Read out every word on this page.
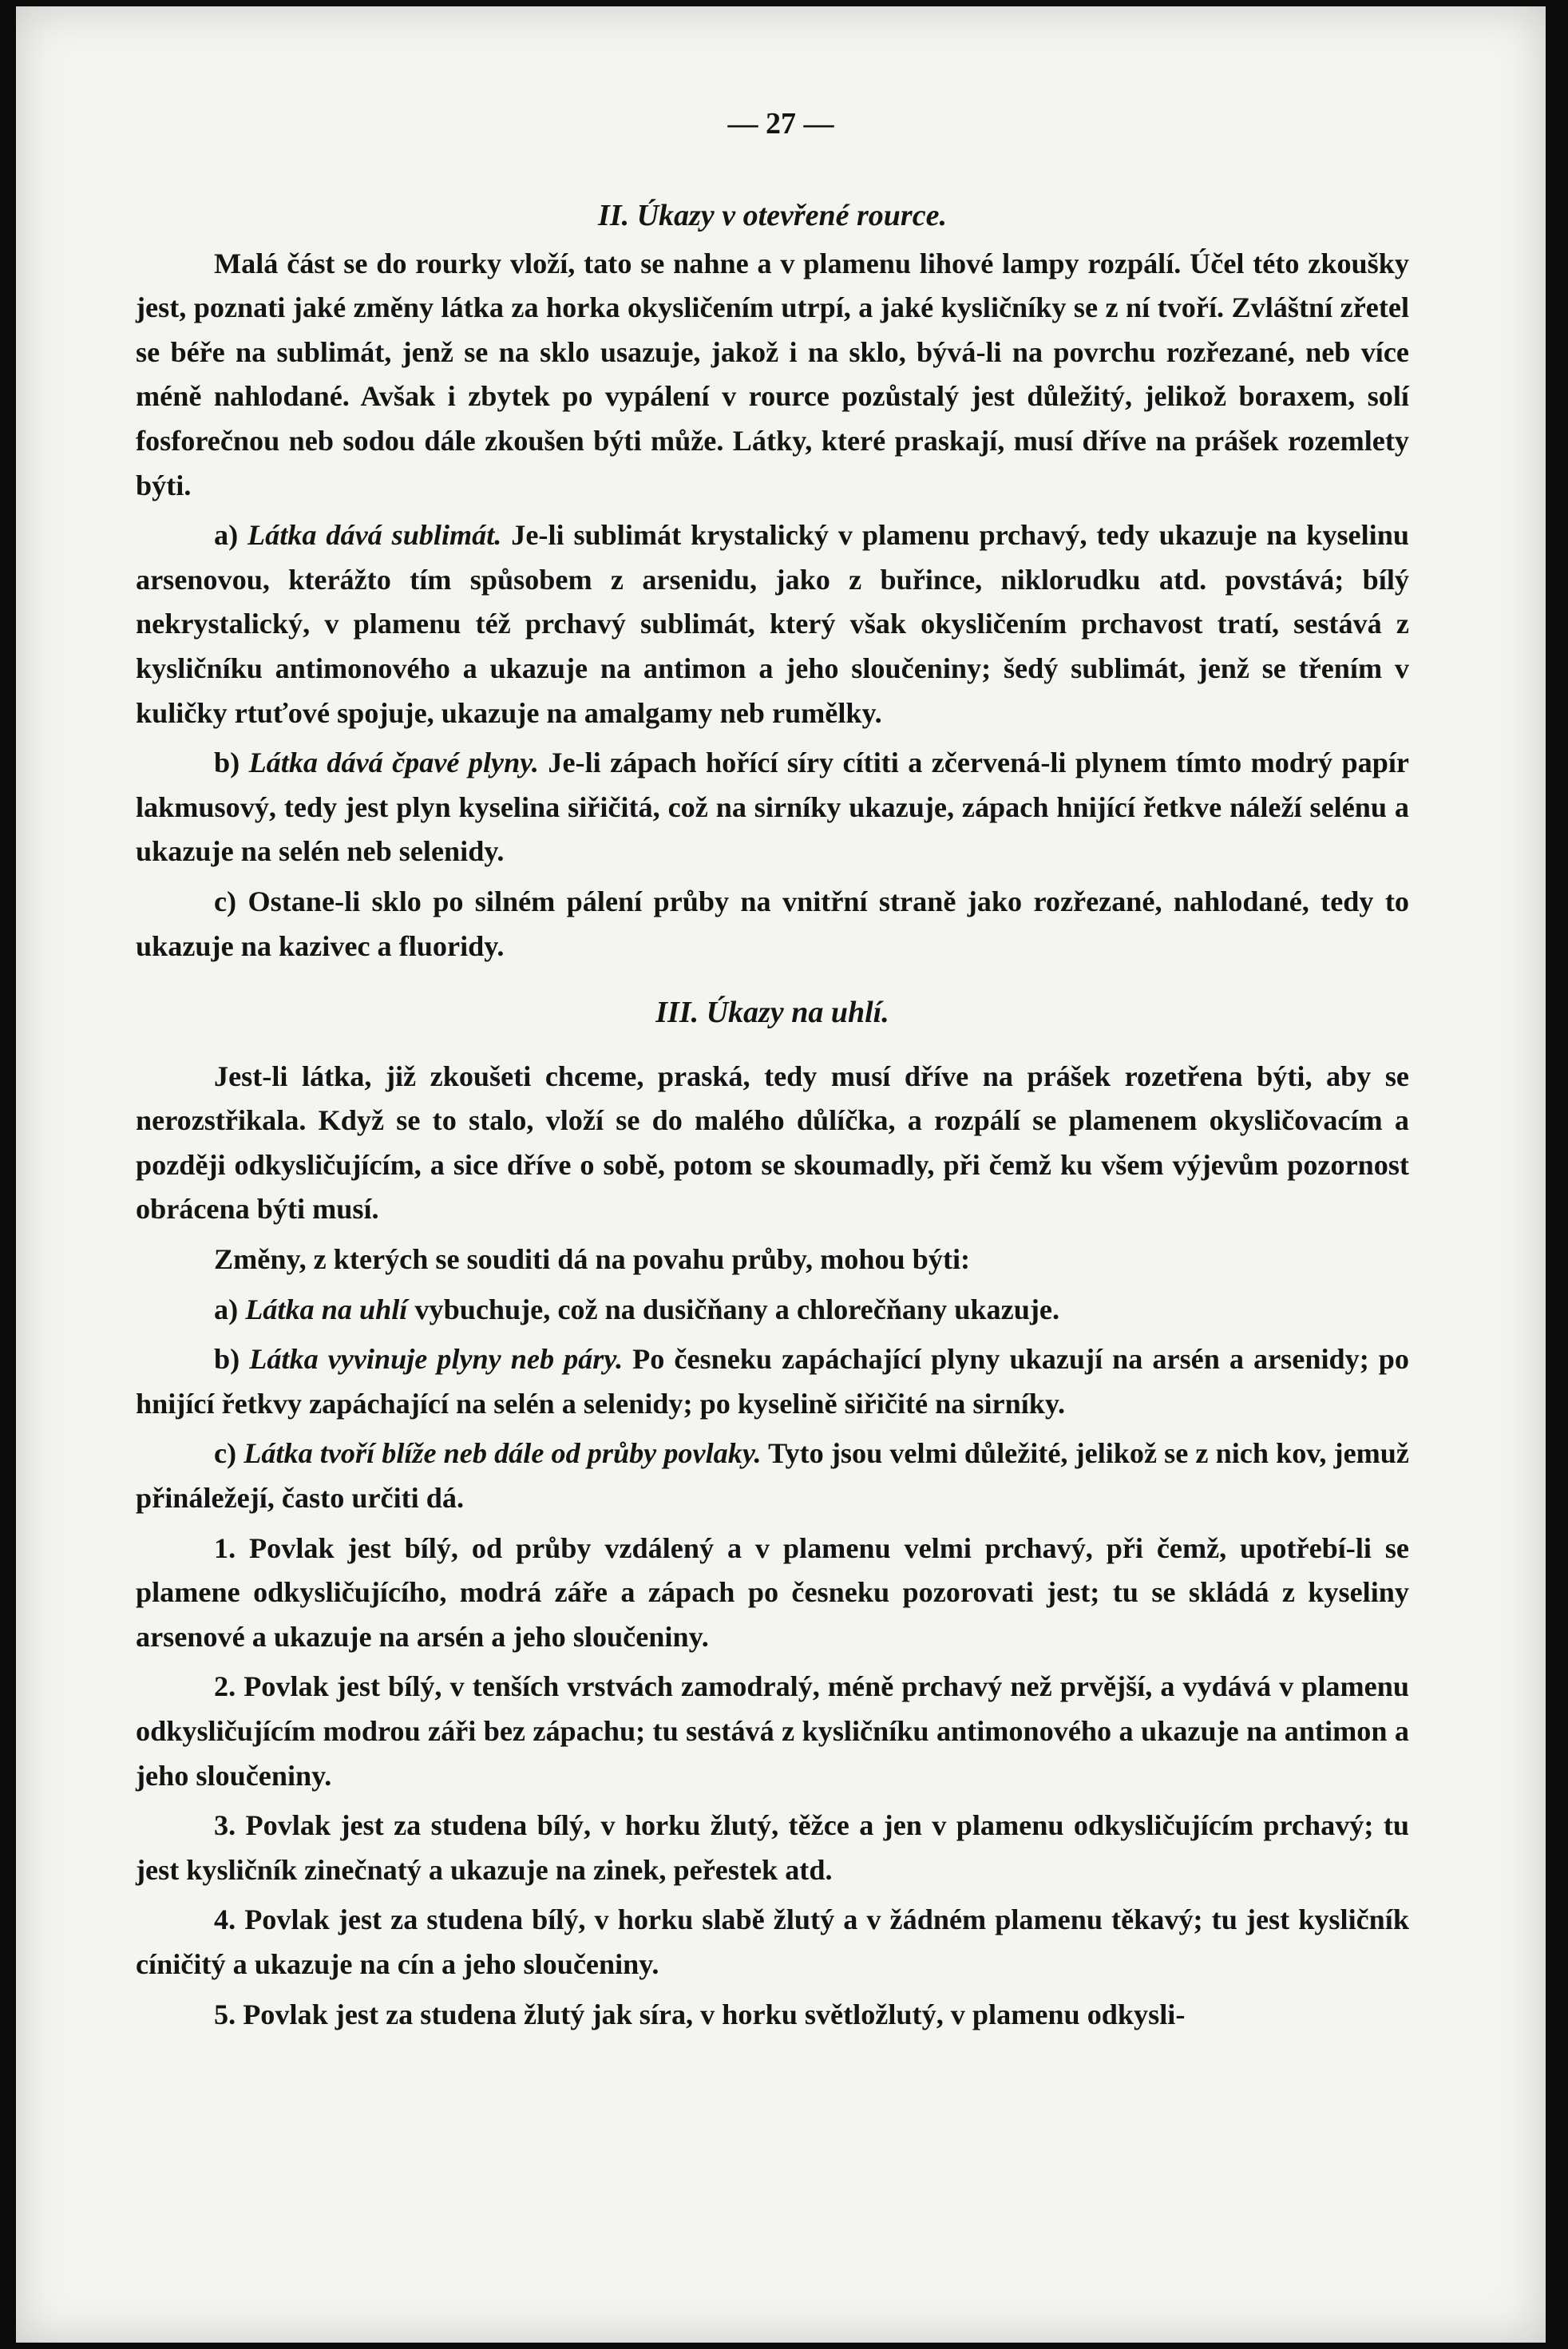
— 27 —
II. Úkazy v otevřené rource.

Malá část se do rourky vloží, tato se nahne a v plamenu lihové lampy rozpálí. Účel této zkoušky jest, poznati jaké změny látka za horka okysličením utrpí, a jaké kysličníky se z ní tvoří. Zvláštní zřetel se béře na sublimát, jenž se na sklo usazuje, jakož i na sklo, bývá-li na povrchu rozřezané, neb více méně nahlodané. Avšak i zbytek po vypálení v rource pozůstalý jest důležitý, jelikož boraxem, solí fosforečnou neb sodou dále zkoušen býti může. Látky, které praskají, musí dříve na prášek rozemlety býti.

a) Látka dává sublimát. Je-li sublimát krystalický v plamenu prchavý, tedy ukazuje na kyselinu arsenovou, kterážto tím spůsobem z arsenidu, jako z buřince, niklorudku atd. povstává; bílý nekrystalický, v plamenu též prchavý sublimát, který však okysličením prchavost tratí, sestává z kysličníku antimonového a ukazuje na antimon a jeho sloučeniny; šedý sublimát, jenž se třením v kuličky rtuťové spojuje, ukazuje na amalgamy neb rumělky.

b) Látka dává čpavé plyny. Je-li zápach hořící síry cítiti a zčervená-li plynem tímto modrý papír lakmusový, tedy jest plyn kyselina siřičitá, což na sirníky ukazuje, zápach hnijící řetkve náleží selénu a ukazuje na selén neb selenidy.

c) Ostane-li sklo po silném pálení průby na vnitřní straně jako rozřezané, nahlodané, tedy to ukazuje na kazivec a fluoridy.

III. Úkazy na uhlí.

Jest-li látka, již zkoušeti chceme, praská, tedy musí dříve na prášek rozetřena býti, aby se nerozstřikala. Když se to stalo, vloží se do malého důlíčka, a rozpálí se plamenem okysličovacím a později odkysličujícím, a sice dříve o sobě, potom se skoumadly, při čemž ku všem výjevům pozornost obrácena býti musí.

Změny, z kterých se souditi dá na povahu průby, mohou býti:

a) Látka na uhlí vybuchuje, což na dusičňany a chlorečňany ukazuje.

b) Látka vyvinuje plyny neb páry. Po česneku zapáchající plyny ukazují na arsén a arsenidy; po hnijící řetkvy zapáchající na selén a selenidy; po kyselině siřičité na sirníky.

c) Látka tvoří blíže neb dále od průby povlaky. Tyto jsou velmi důležité, jelikož se z nich kov, jemuž přináležejí, často určiti dá.

1. Povlak jest bílý, od průby vzdálený a v plamenu velmi prchavý, při čemž, upotřebí-li se plamene odkysličujícího, modrá záře a zápach po česneku pozorovati jest; tu se skládá z kyseliny arsenové a ukazuje na arsén a jeho sloučeniny.

2. Povlak jest bílý, v tenších vrstvách zamodralý, méně prchavý než prvější, a vydává v plamenu odkysličujícím modrou záři bez zápachu; tu sestává z kysličníku antimonového a ukazuje na antimon a jeho sloučeniny.

3. Povlak jest za studena bílý, v horku žlutý, těžce a jen v plamenu odkysličujícím prchavý; tu jest kysličník zinečnatý a ukazuje na zinek, peřestek atd.

4. Povlak jest za studena bílý, v horku slabě žlutý a v žádném plamenu těkavý; tu jest kysličník cíničitý a ukazuje na cín a jeho sloučeniny.

5. Povlak jest za studena žlutý jak síra, v horku světložlutý, v plamenu odkysli-
